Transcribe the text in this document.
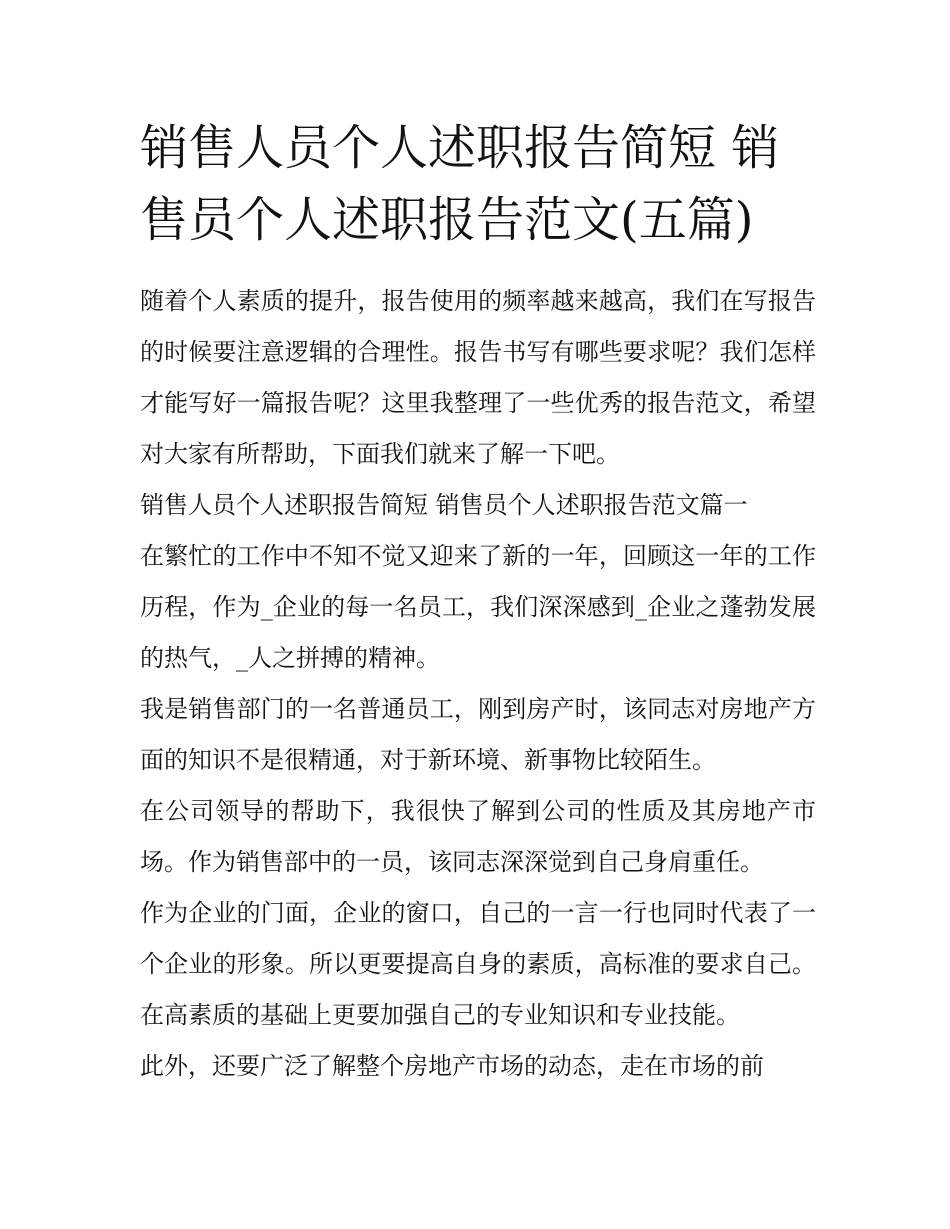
销售人员个人述职报告简短 销售员个人述职报告范文(五篇)

随着个人素质的提升，报告使用的频率越来越高，我们在写报告的时候要注意逻辑的合理性。报告书写有哪些要求呢？我们怎样才能写好一篇报告呢？这里我整理了一些优秀的报告范文，希望对大家有所帮助，下面我们就来了解一下吧。

销售人员个人述职报告简短 销售员个人述职报告范文篇一

在繁忙的工作中不知不觉又迎来了新的一年，回顾这一年的工作历程，作为_企业的每一名员工，我们深深感到_企业之蓬勃发展的热气，_人之拼搏的精神。

我是销售部门的一名普通员工，刚到房产时，该同志对房地产方面的知识不是很精通，对于新环境、新事物比较陌生。

在公司领导的帮助下，我很快了解到公司的性质及其房地产市场。作为销售部中的一员，该同志深深觉到自己身肩重任。

作为企业的门面，企业的窗口，自己的一言一行也同时代表了一个企业的形象。所以更要提高自身的素质，高标准的要求自己。在高素质的基础上更要加强自己的专业知识和专业技能。

此外，还要广泛了解整个房地产市场的动态，走在市场的前
